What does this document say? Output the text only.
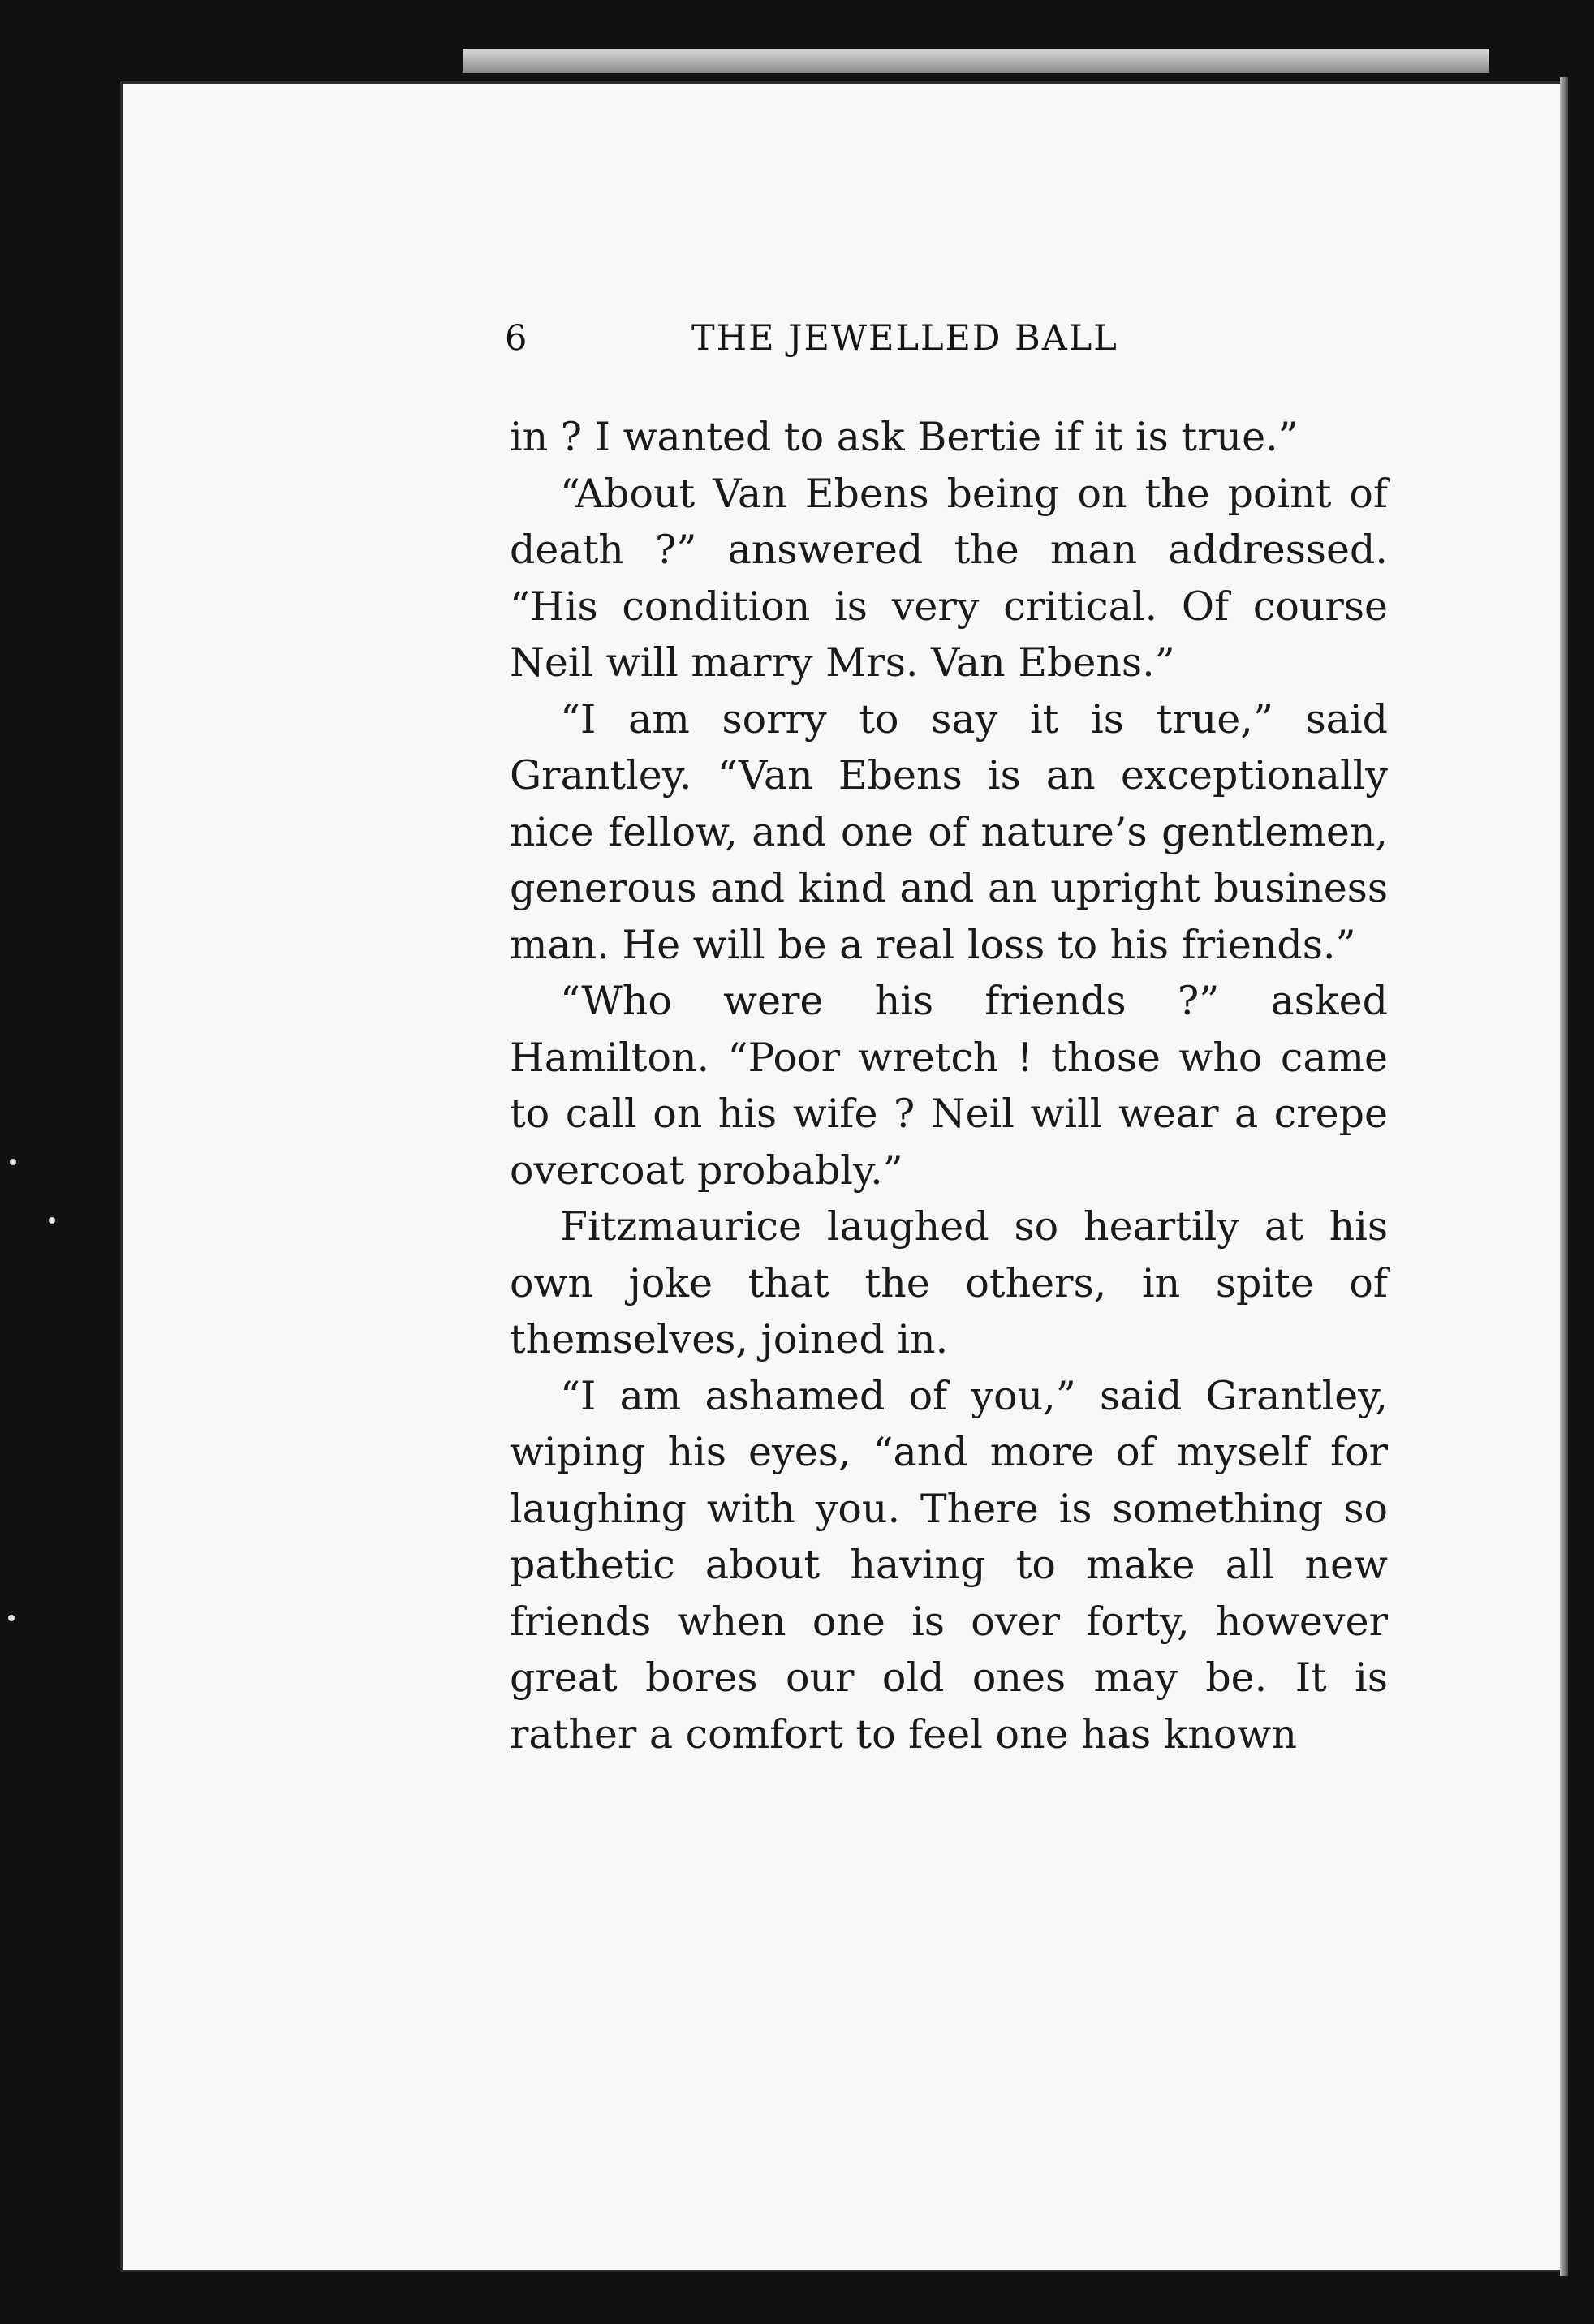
6	THE JEWELLED BALL

in ? I wanted to ask Bertie if it is true.”

“About Van Ebens being on the point of death ?” answered the man addressed. “His condition is very critical. Of course Neil will marry Mrs. Van Ebens.”

“I am sorry to say it is true,” said Grantley. “Van Ebens is an exceptionally nice fellow, and one of nature’s gentlemen, generous and kind and an upright business man. He will be a real loss to his friends.”

“Who were his friends ?” asked Hamilton. “Poor wretch ! those who came to call on his wife ? Neil will wear a crepe overcoat probably.”

Fitzmaurice laughed so heartily at his own joke that the others, in spite of themselves, joined in.

“I am ashamed of you,” said Grantley, wiping his eyes, “and more of myself for laughing with you. There is something so pathetic about having to make all new friends when one is over forty, however great bores our old ones may be. It is rather a comfort to feel one has known
